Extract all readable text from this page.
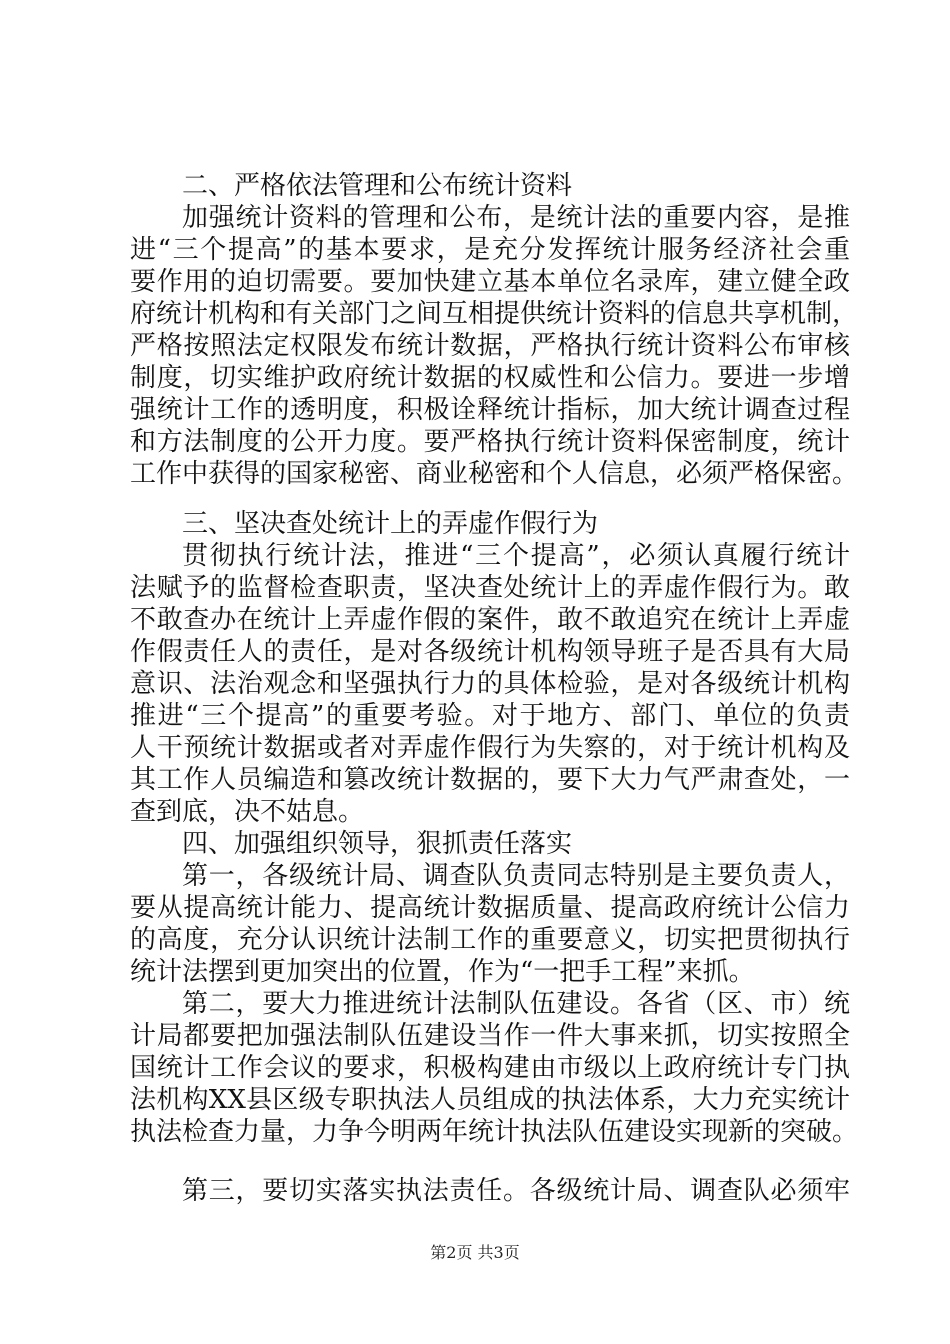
二、严格依法管理和公布统计资料
加强统计资料的管理和公布，是统计法的重要内容，是推
进“三个提高”的基本要求，是充分发挥统计服务经济社会重
要作用的迫切需要。要加快建立基本单位名录库，建立健全政
府统计机构和有关部门之间互相提供统计资料的信息共享机制，
严格按照法定权限发布统计数据，严格执行统计资料公布审核
制度，切实维护政府统计数据的权威性和公信力。要进一步增
强统计工作的透明度，积极诠释统计指标，加大统计调查过程
和方法制度的公开力度。要严格执行统计资料保密制度，统计
工作中获得的国家秘密、商业秘密和个人信息，必须严格保密。
三、坚决查处统计上的弄虚作假行为
贯彻执行统计法，推进“三个提高”，必须认真履行统计
法赋予的监督检查职责，坚决查处统计上的弄虚作假行为。敢
不敢查办在统计上弄虚作假的案件，敢不敢追究在统计上弄虚
作假责任人的责任，是对各级统计机构领导班子是否具有大局
意识、法治观念和坚强执行力的具体检验，是对各级统计机构
推进“三个提高”的重要考验。对于地方、部门、单位的负责
人干预统计数据或者对弄虚作假行为失察的，对于统计机构及
其工作人员编造和篡改统计数据的，要下大力气严肃查处，一
查到底，决不姑息。
四、加强组织领导，狠抓责任落实
第一，各级统计局、调查队负责同志特别是主要负责人，
要从提高统计能力、提高统计数据质量、提高政府统计公信力
的高度，充分认识统计法制工作的重要意义，切实把贯彻执行
统计法摆到更加突出的位置，作为“一把手工程”来抓。
第二，要大力推进统计法制队伍建设。各省（区、市）统
计局都要把加强法制队伍建设当作一件大事来抓，切实按照全
国统计工作会议的要求，积极构建由市级以上政府统计专门执
法机构XX县区级专职执法人员组成的执法体系，大力充实统计
执法检查力量，力争今明两年统计执法队伍建设实现新的突破。
第三，要切实落实执法责任。各级统计局、调查队必须牢
第2页 共3页
